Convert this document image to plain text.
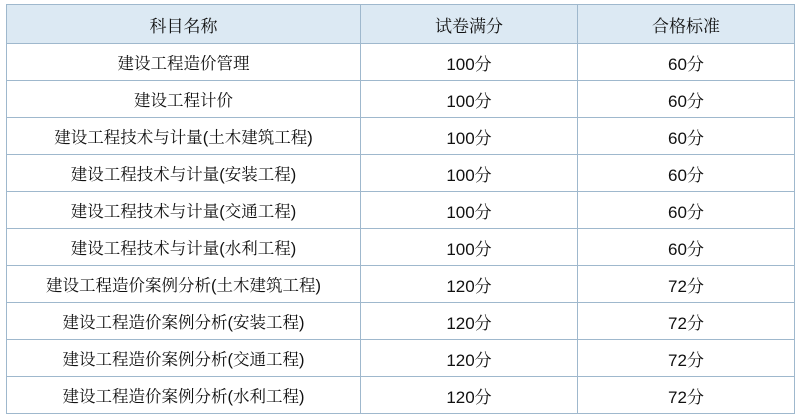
科目名称	试卷满分	合格标准
建设工程造价管理	100分	60分
建设工程计价	100分	60分
建设工程技术与计量(土木建筑工程)	100分	60分
建设工程技术与计量(安装工程)	100分	60分
建设工程技术与计量(交通工程)	100分	60分
建设工程技术与计量(水利工程)	100分	60分
建设工程造价案例分析(土木建筑工程)	120分	72分
建设工程造价案例分析(安装工程)	120分	72分
建设工程造价案例分析(交通工程)	120分	72分
建设工程造价案例分析(水利工程)	120分	72分
